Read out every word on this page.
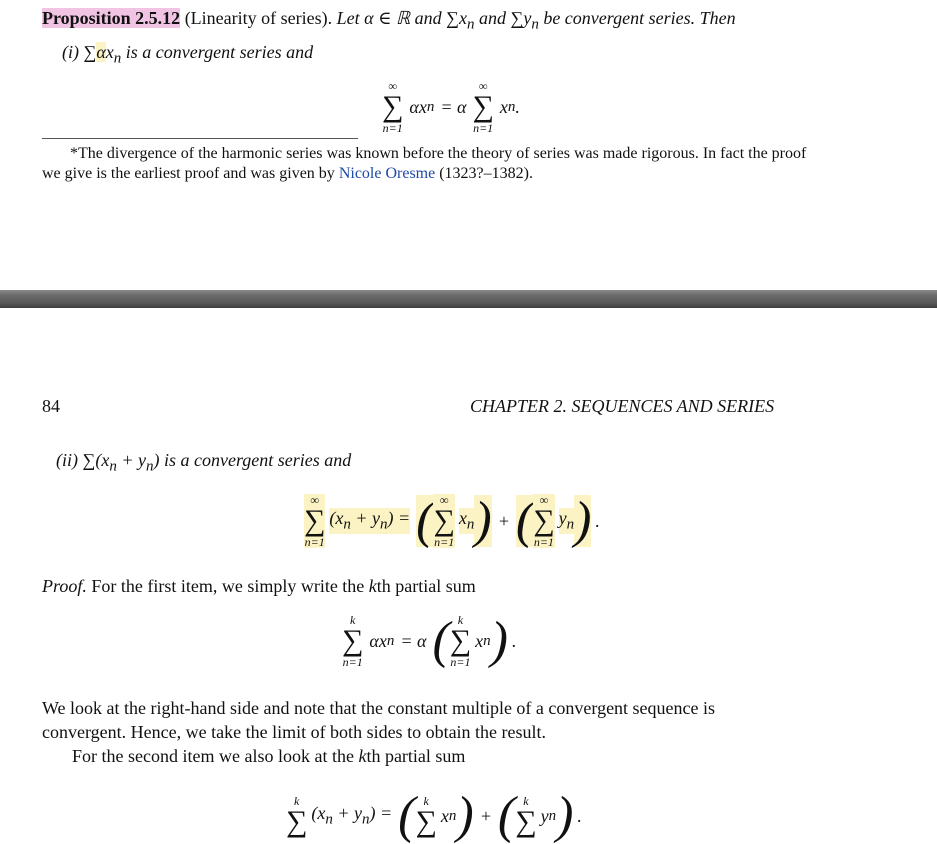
Proposition 2.5.12 (Linearity of series). Let α ∈ ℝ and $\sum x_n$ and $\sum y_n$ be convergent series. Then
(i) $\sum\alpha x_n$ is a convergent series and
∞
∑
n=1
αx n = α
∞
∑
n=1
x n .
*The divergence of the harmonic series was known before the theory of series was made rigorous. In fact the proof
we give is the earliest proof and was given by Nicole Oresme (1323?–1382).
84	CHAPTER 2. SEQUENCES AND SERIES
(ii) $\sum(x_n + y_n)$ is a convergent series and
∞
∑
n=1
$(x_n + y_n)$ = ( ∞
∑
n=1
$x_n$ ) + ( ∞
∑
n=1
$y_n$ ) .
Proof. For the first item, we simply write the kth partial sum
k
∑
n=1
αx n = α ( k
∑
n=1
x n ) .
We look at the right-hand side and note that the constant multiple of a convergent sequence is
convergent. Hence, we take the limit of both sides to obtain the result.
For the second item we also look at the kth partial sum
k
∑ $(x_n + y_n)$ = ( k
∑ x n ) + ( k
∑ y n ) .
